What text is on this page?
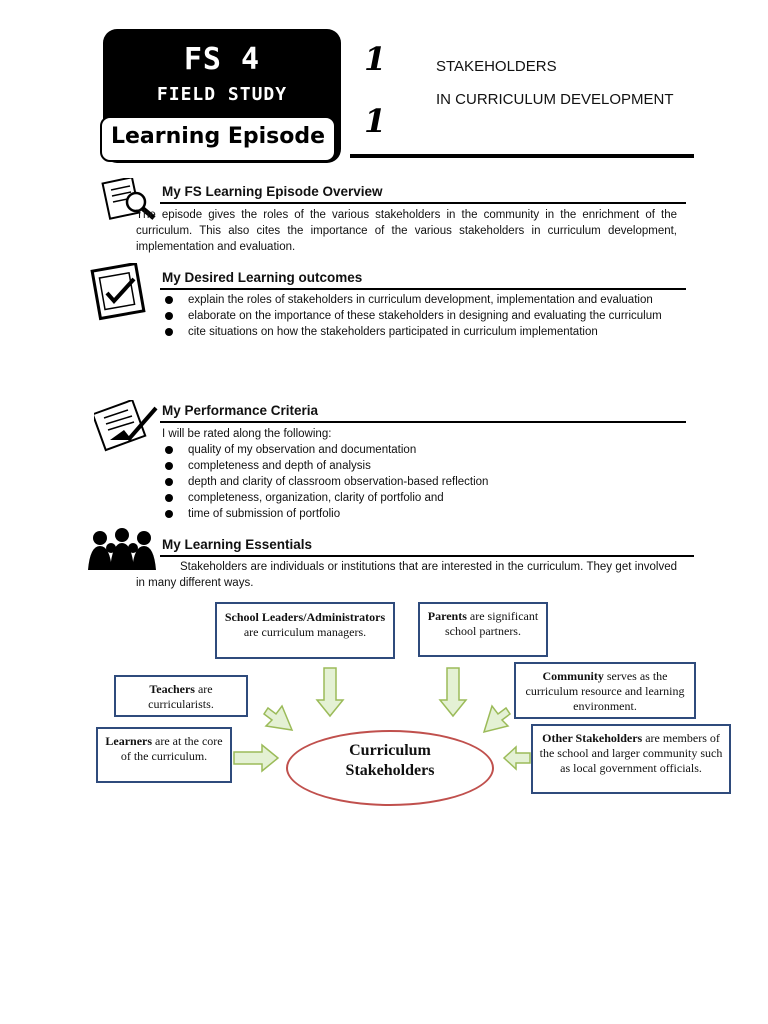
FS 4
FIELD STUDY
Learning Episode
1
1
STAKEHOLDERS
IN CURRICULUM DEVELOPMENT
My FS Learning Episode Overview
The episode gives the roles of the various stakeholders in the community in the enrichment of the curriculum. This also cites the importance of the various stakeholders in curriculum development, implementation and evaluation.
My Desired Learning outcomes
explain the roles of stakeholders in curriculum development, implementation and evaluation
elaborate on the importance of these stakeholders in designing and evaluating the curriculum
cite situations on how the stakeholders participated in curriculum implementation
My Performance Criteria
I will be rated along the following:
quality of my observation and documentation
completeness and depth of analysis
depth and clarity of classroom observation-based reflection
completeness, organization, clarity of portfolio and
time of submission of portfolio
My Learning Essentials
Stakeholders are individuals or institutions that are interested in the curriculum. They get involved in many different ways.
Curriculum
Stakeholders
School Leaders/Administrators are curriculum managers.
Parents are significant school partners.
Teachers are curricularists.
Community serves as the curriculum resource and learning environment.
Learners are at the core of the curriculum.
Other Stakeholders are members of the school and larger community such as local government officials.
